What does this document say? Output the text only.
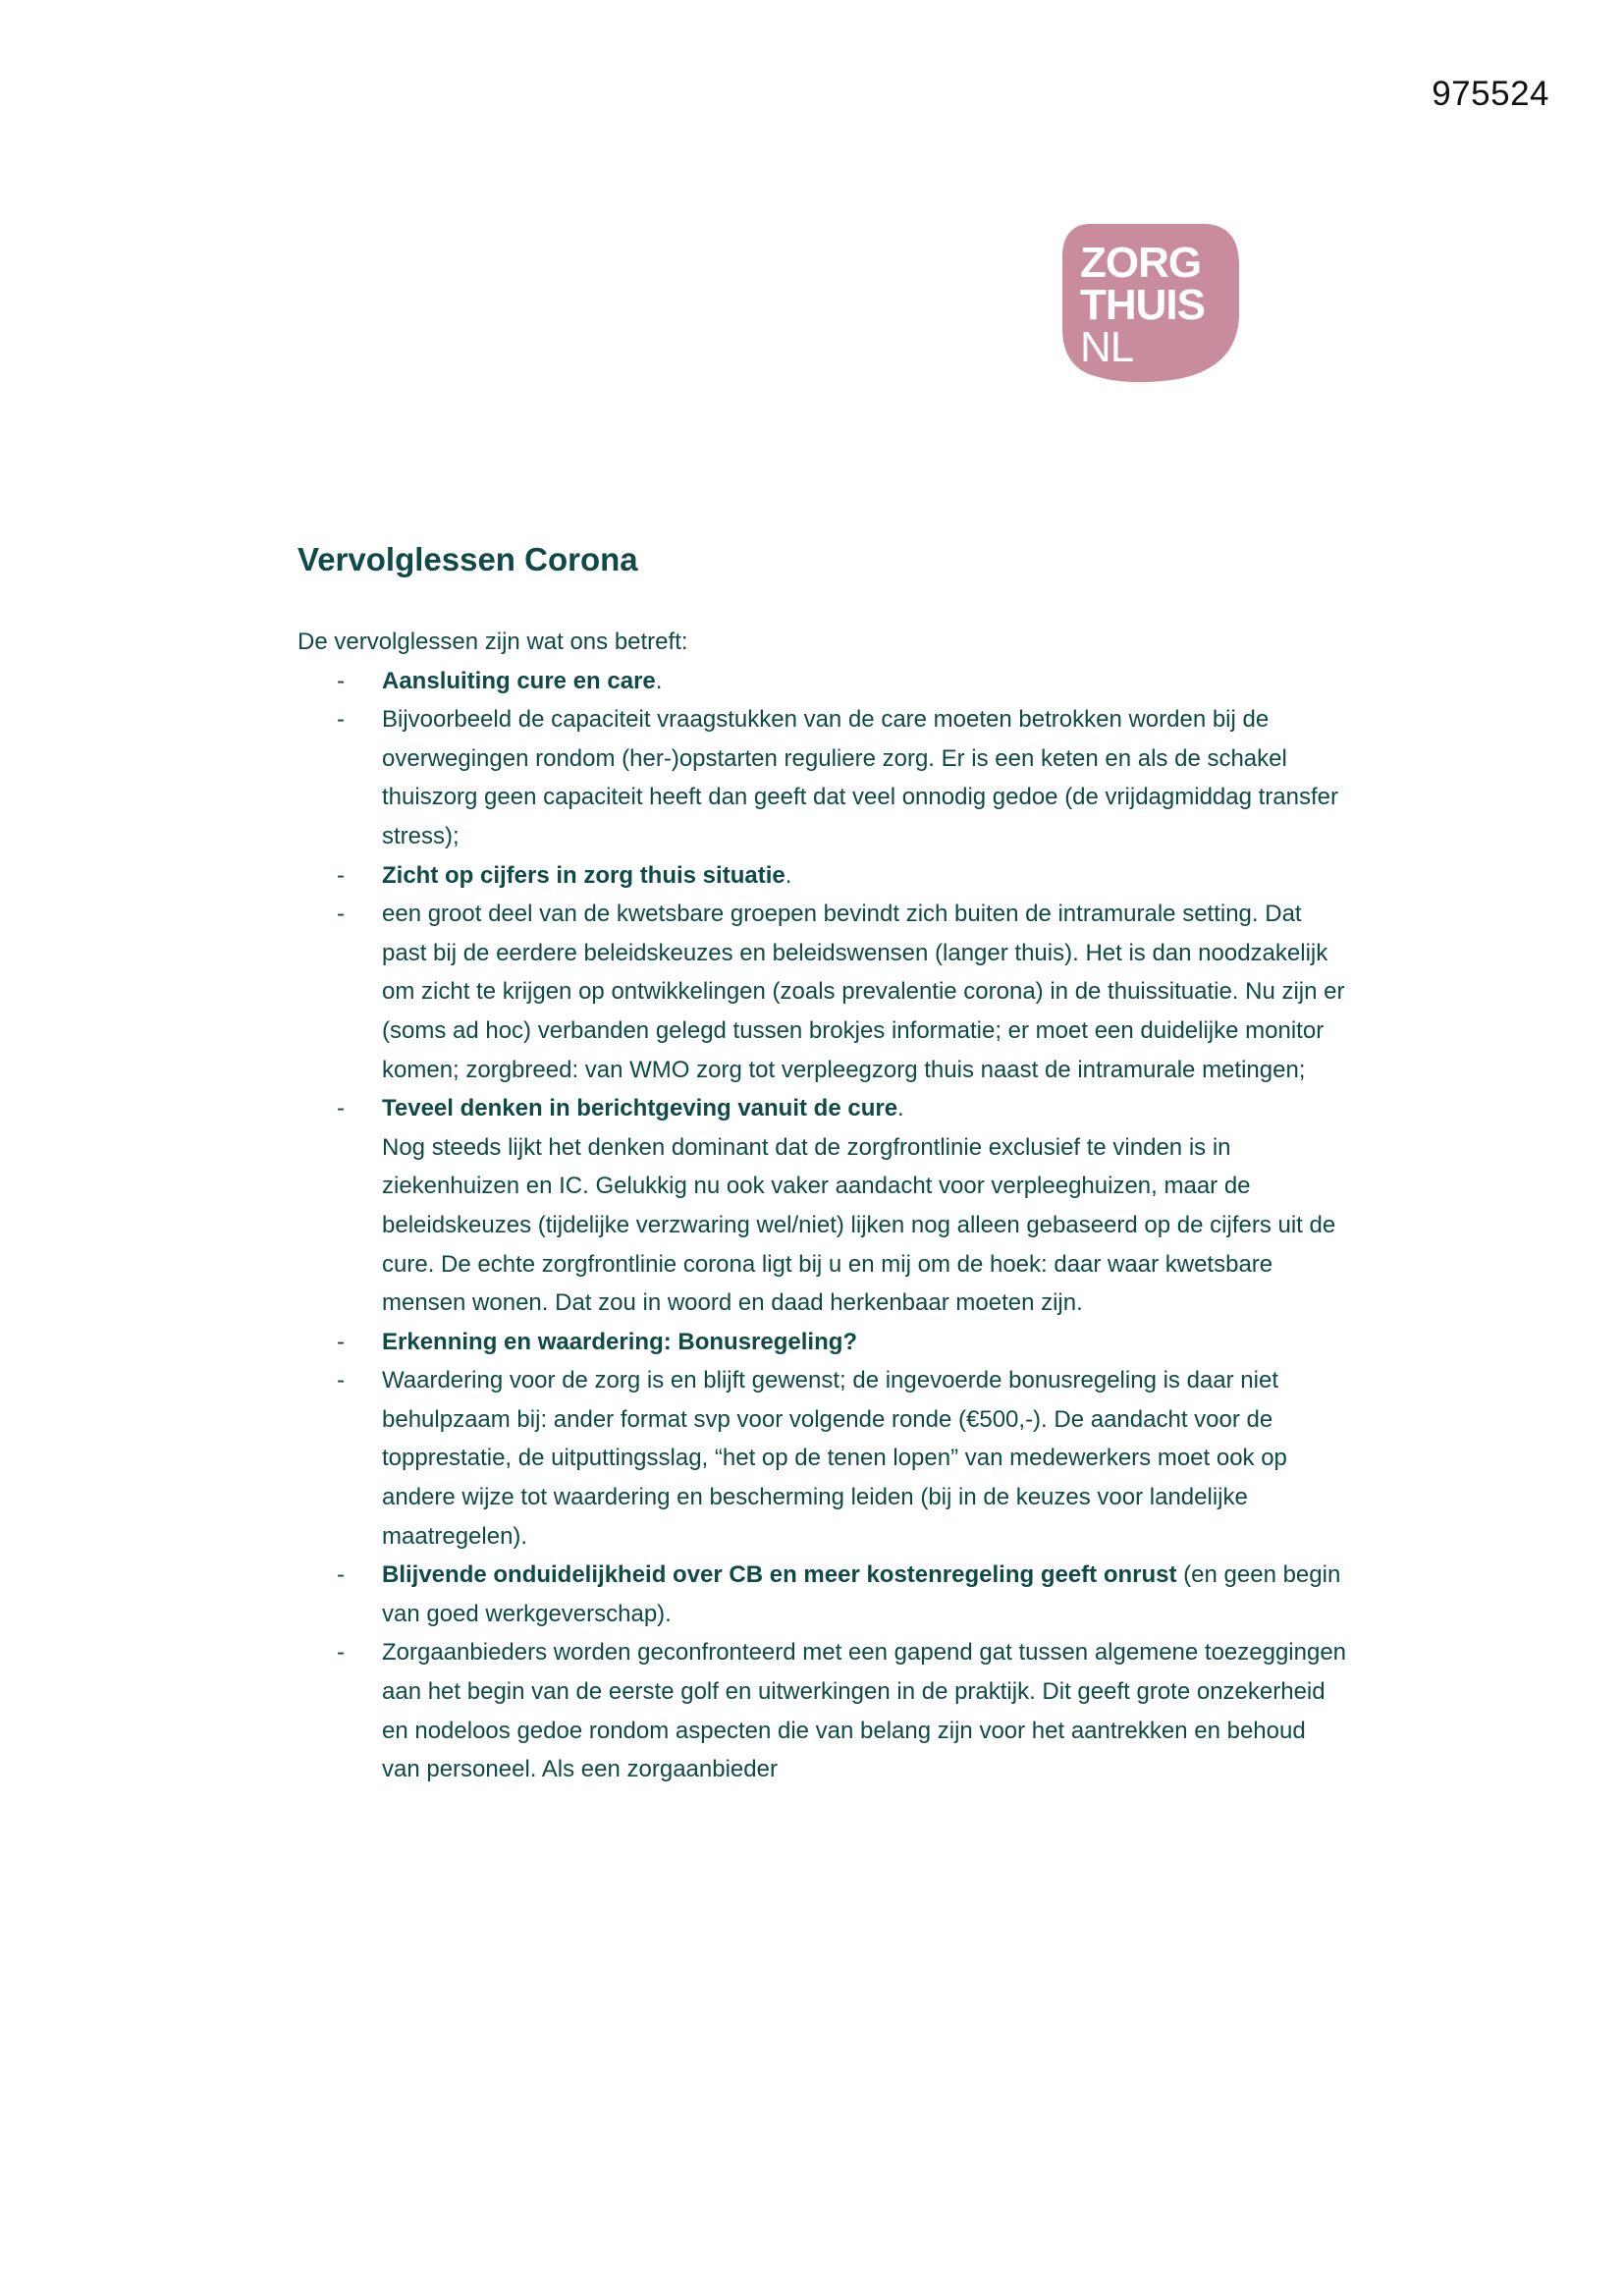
975524
ZORG
THUIS
NL
Vervolglessen Corona

De vervolglessen zijn wat ons betreft:

- Aansluiting cure en care.
- Bijvoorbeeld de capaciteit vraagstukken van de care moeten betrokken worden bij de overwegingen rondom (her-)opstarten reguliere zorg. Er is een keten en als de schakel thuiszorg geen capaciteit heeft dan geeft dat veel onnodig gedoe (de vrijdagmiddag transfer stress);
- Zicht op cijfers in zorg thuis situatie.
- een groot deel van de kwetsbare groepen bevindt zich buiten de intramurale setting. Dat past bij de eerdere beleidskeuzes en beleidswensen (langer thuis). Het is dan noodzakelijk om zicht te krijgen op ontwikkelingen (zoals prevalentie corona) in de thuissituatie. Nu zijn er (soms ad hoc) verbanden gelegd tussen brokjes informatie; er moet een duidelijke monitor komen; zorgbreed: van WMO zorg tot verpleegzorg thuis naast de intramurale metingen;
- Teveel denken in berichtgeving vanuit de cure.
Nog steeds lijkt het denken dominant dat de zorgfrontlinie exclusief te vinden is in ziekenhuizen en IC. Gelukkig nu ook vaker aandacht voor verpleeghuizen, maar de beleidskeuzes (tijdelijke verzwaring wel/niet) lijken nog alleen gebaseerd op de cijfers uit de cure. De echte zorgfrontlinie corona ligt bij u en mij om de hoek: daar waar kwetsbare mensen wonen. Dat zou in woord en daad herkenbaar moeten zijn.
- Erkenning en waardering: Bonusregeling?
- Waardering voor de zorg is en blijft gewenst; de ingevoerde bonusregeling is daar niet behulpzaam bij: ander format svp voor volgende ronde (€500,-). De aandacht voor de topprestatie, de uitputtingsslag, “het op de tenen lopen” van medewerkers moet ook op andere wijze tot waardering en bescherming leiden (bij in de keuzes voor landelijke maatregelen).
- Blijvende onduidelijkheid over CB en meer kostenregeling geeft onrust (en geen begin van goed werkgeverschap).
- Zorgaanbieders worden geconfronteerd met een gapend gat tussen algemene toezeggingen aan het begin van de eerste golf en uitwerkingen in de praktijk. Dit geeft grote onzekerheid en nodeloos gedoe rondom aspecten die van belang zijn voor het aantrekken en behoud van personeel. Als een zorgaanbieder
